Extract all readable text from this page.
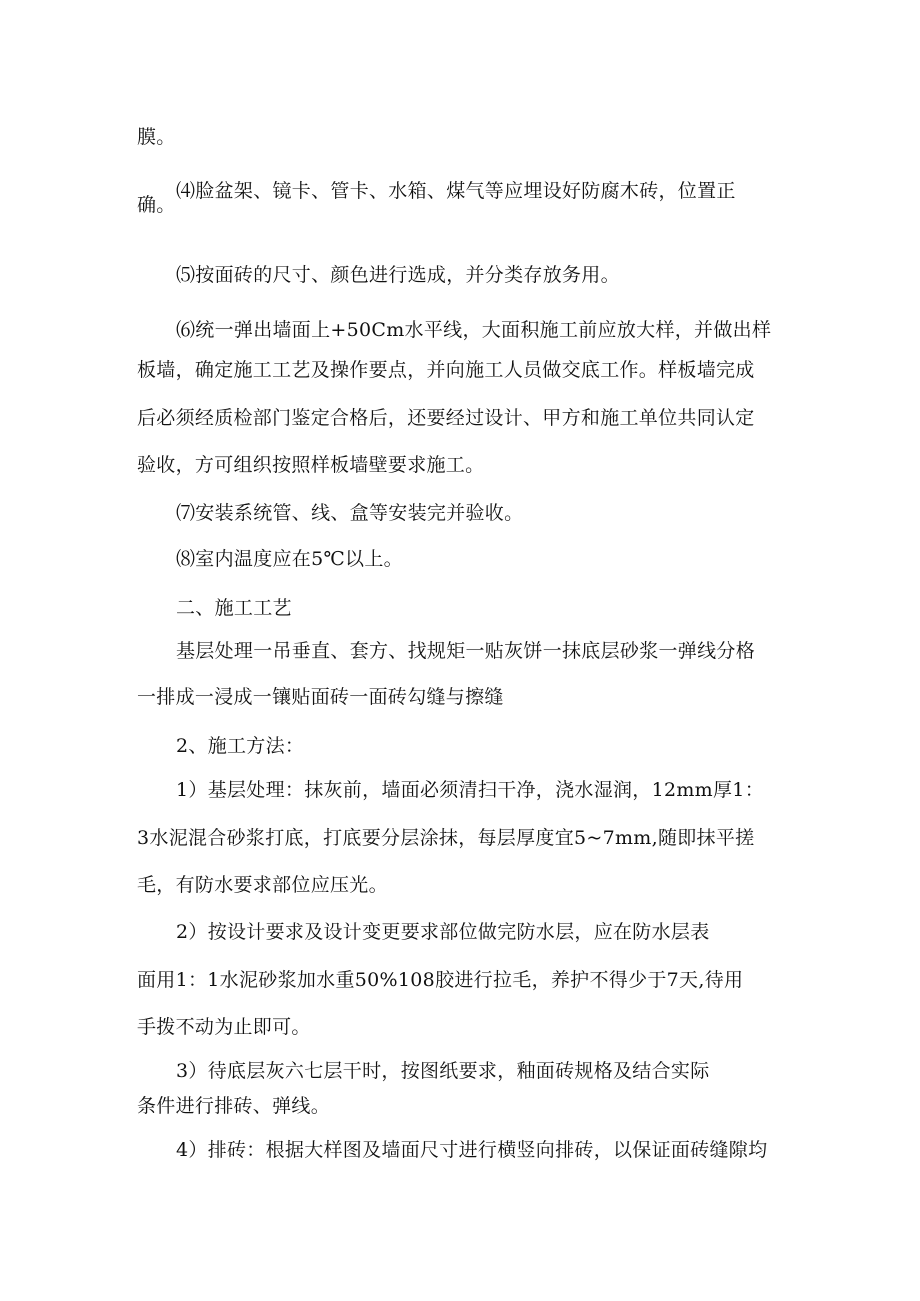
膜。
⑷脸盆架、镜卡、管卡、水箱、煤气等应埋设好防腐木砖，位置正
确。
⑸按面砖的尺寸、颜色进行选成，并分类存放务用。
⑹统一弹出墙面上+50Cm水平线，大面积施工前应放大样，并做出样
板墙，确定施工工艺及操作要点，并向施工人员做交底工作。样板墙完成
后必须经质检部门鉴定合格后，还要经过设计、甲方和施工单位共同认定
验收，方可组织按照样板墙壁要求施工。
⑺安装系统管、线、盒等安装完并验收。
⑻室内温度应在5℃以上。
二、施工工艺
基层处理一吊垂直、套方、找规矩一贴灰饼一抹底层砂浆一弹线分格
一排成一浸成一镶贴面砖一面砖勾缝与擦缝
2、施工方法：
1）基层处理：抹灰前，墙面必须清扫干净，浇水湿润，12mm厚1：
3水泥混合砂浆打底，打底要分层涂抹，每层厚度宜5~7mm,随即抹平搓
毛，有防水要求部位应压光。
2）按设计要求及设计变更要求部位做完防水层，应在防水层表
面用1：1水泥砂浆加水重50%108胶进行拉毛，养护不得少于7天,待用
手拨不动为止即可。
3）待底层灰六七层干时，按图纸要求，釉面砖规格及结合实际
条件进行排砖、弹线。
4）排砖：根据大样图及墙面尺寸进行横竖向排砖，以保证面砖缝隙均
